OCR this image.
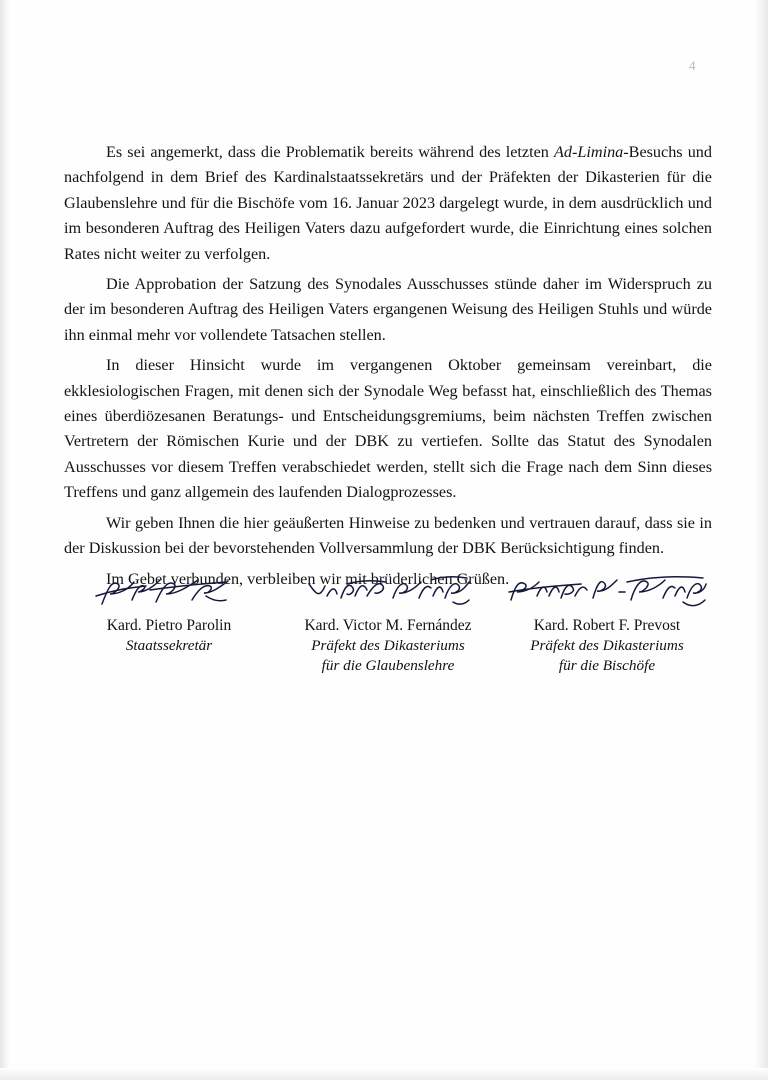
4

Es sei angemerkt, dass die Problematik bereits während des letzten Ad-Limina-Besuchs und nachfolgend in dem Brief des Kardinalstaatssekretärs und der Präfekten der Dikasterien für die Glaubenslehre und für die Bischöfe vom 16. Januar 2023 dargelegt wurde, in dem ausdrücklich und im besonderen Auftrag des Heiligen Vaters dazu aufgefordert wurde, die Einrichtung eines solchen Rates nicht weiter zu verfolgen.

Die Approbation der Satzung des Synodales Ausschusses stünde daher im Widerspruch zu der im besonderen Auftrag des Heiligen Vaters ergangenen Weisung des Heiligen Stuhls und würde ihn einmal mehr vor vollendete Tatsachen stellen.

In dieser Hinsicht wurde im vergangenen Oktober gemeinsam vereinbart, die ekklesiologischen Fragen, mit denen sich der Synodale Weg befasst hat, einschließlich des Themas eines überdiözesanen Beratungs- und Entscheidungsgremiums, beim nächsten Treffen zwischen Vertretern der Römischen Kurie und der DBK zu vertiefen. Sollte das Statut des Synodalen Ausschusses vor diesem Treffen verabschiedet werden, stellt sich die Frage nach dem Sinn dieses Treffens und ganz allgemein des laufenden Dialogprozesses.

Wir geben Ihnen die hier geäußerten Hinweise zu bedenken und vertrauen darauf, dass sie in der Diskussion bei der bevorstehenden Vollversammlung der DBK Berücksichtigung finden.

Im Gebet verbunden, verbleiben wir mit brüderlichen Grüßen.

Kard. Pietro Parolin
Staatssekretär
Kard. Victor M. Fernández
Präfekt des Dikasteriums
für die Glaubenslehre
Kard. Robert F. Prevost
Präfekt des Dikasteriums
für die Bischöfe
